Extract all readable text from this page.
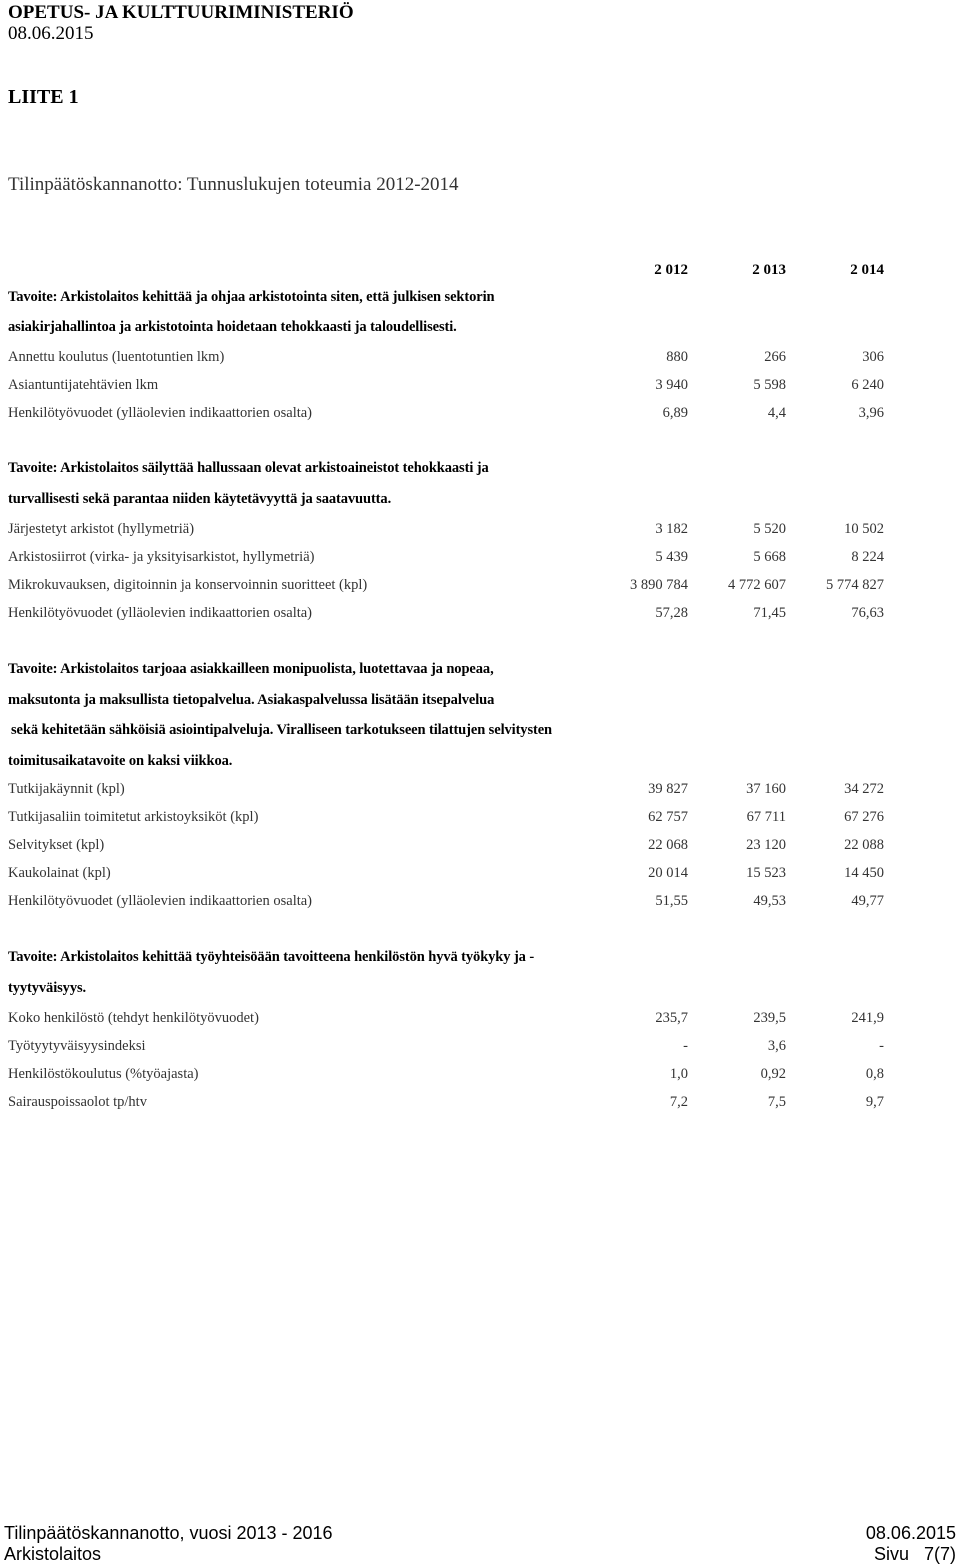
OPETUS- JA KULTTUURIMINISTERIÖ
08.06.2015
LIITE 1
Tilinpäätöskannanotto: Tunnuslukujen toteumia 2012-2014
2 012	2 013	2 014
Tavoite: Arkistolaitos kehittää ja ohjaa arkistotointa siten, että julkisen sektorin
asiakirjahallintoa ja arkistotointa hoidetaan tehokkaasti ja taloudellisesti.
Annettu koulutus (luentotuntien lkm)	880	266	306
Asiantuntijatehtävien lkm	3 940	5 598	6 240
Henkilötyövuodet (ylläolevien indikaattorien osalta)	6,89	4,4	3,96
Tavoite: Arkistolaitos säilyttää hallussaan olevat arkistoaineistot tehokkaasti ja
turvallisesti sekä parantaa niiden käytetävyyttä ja saatavuutta.
Järjestetyt arkistot (hyllymetriä)	3 182	5 520	10 502
Arkistosiirrot (virka- ja yksityisarkistot, hyllymetriä)	5 439	5 668	8 224
Mikrokuvauksen, digitoinnin ja konservoinnin suoritteet (kpl)	3 890 784	4 772 607	5 774 827
Henkilötyövuodet (ylläolevien indikaattorien osalta)	57,28	71,45	76,63
Tavoite: Arkistolaitos tarjoaa asiakkailleen monipuolista, luotettavaa ja nopeaa,
maksutonta ja maksullista tietopalvelua. Asiakaspalvelussa lisätään itsepalvelua
sekä kehitetään sähköisiä asiointipalveluja. Viralliseen tarkotukseen tilattujen selvitysten
toimitusaikatavoite on kaksi viikkoa.
Tutkijakäynnit (kpl)	39 827	37 160	34 272
Tutkijasaliin toimitetut arkistoyksiköt (kpl)	62 757	67 711	67 276
Selvitykset (kpl)	22 068	23 120	22 088
Kaukolainat (kpl)	20 014	15 523	14 450
Henkilötyövuodet (ylläolevien indikaattorien osalta)	51,55	49,53	49,77
Tavoite: Arkistolaitos kehittää työyhteisöään tavoitteena henkilöstön hyvä työkyky ja -
tyytyväisyys.
Koko henkilöstö (tehdyt henkilötyövuodet)	235,7	239,5	241,9
Työtyytyväisyysindeksi	-	3,6	-
Henkilöstökoulutus (%työajasta)	1,0	0,92	0,8
Sairauspoissaolot tp/htv	7,2	7,5	9,7
Tilinpäätöskannanotto, vuosi 2013 - 2016
Arkistolaitos
08.06.2015
Sivu   7(7)
